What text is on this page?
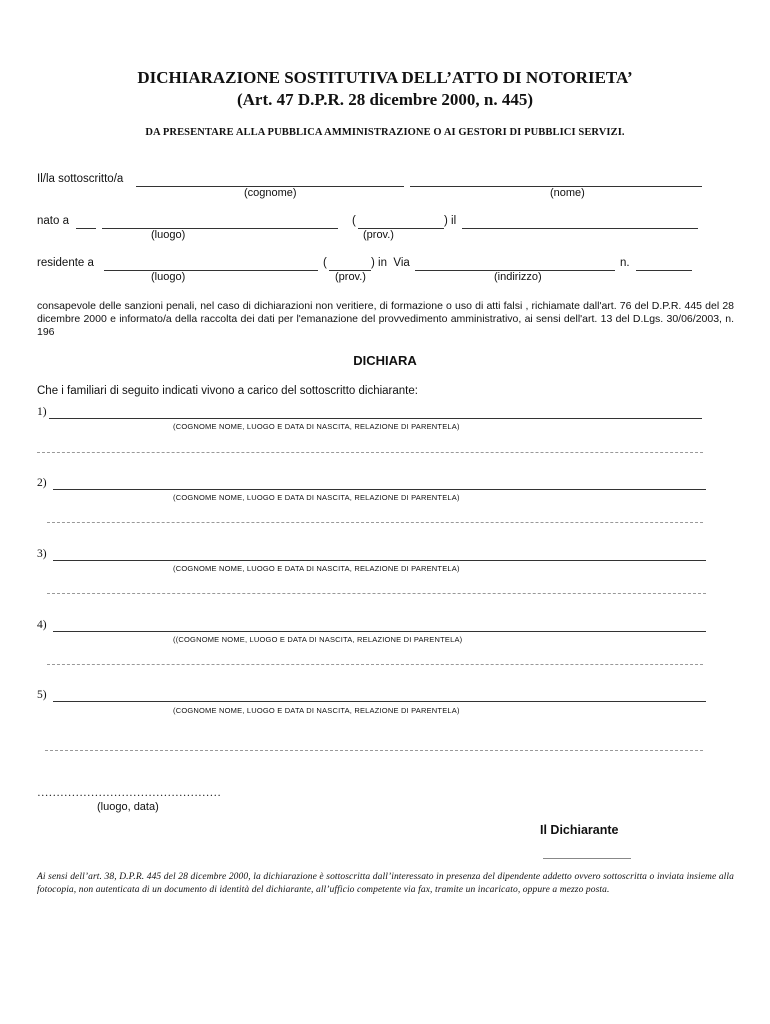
DICHIARAZIONE SOSTITUTIVA DELL’ATTO DI NOTORIETA’
(Art. 47 D.P.R. 28 dicembre 2000, n. 445)
DA PRESENTARE ALLA PUBBLICA AMMINISTRAZIONE O AI GESTORI DI PUBBLICI SERVIZI.
Il/la sottoscritto/a
(cognome)	(nome)
nato a	(	) il
(luogo)	(prov.)
residente a	(	) in  Via	n.
(luogo)	(prov.)	(indirizzo)
consapevole delle sanzioni penali, nel caso di dichiarazioni non veritiere, di formazione o uso di atti falsi , richiamate dall'art. 76 del D.P.R. 445 del 28 dicembre 2000 e informato/a della raccolta dei dati per l'emanazione del provvedimento amministrativo, ai sensi dell'art. 13 del D.Lgs. 30/06/2003, n. 196
DICHIARA
Che i familiari di seguito indicati vivono a carico del sottoscritto dichiarante:
1)
(COGNOME NOME, LUOGO E DATA DI NASCITA, RELAZIONE DI PARENTELA)
2)
(COGNOME NOME, LUOGO E DATA DI NASCITA, RELAZIONE DI PARENTELA)
3)
(COGNOME NOME, LUOGO E DATA DI NASCITA, RELAZIONE DI PARENTELA)
4)
((COGNOME NOME, LUOGO E DATA DI NASCITA, RELAZIONE DI PARENTELA)
5)
(COGNOME NOME, LUOGO E DATA DI NASCITA, RELAZIONE DI PARENTELA)
…………………………………………
(luogo, data)
Il Dichiarante
Ai sensi dell’art. 38, D.P.R. 445 del 28 dicembre 2000, la dichiarazione è sottoscritta dall’interessato in presenza del dipendente addetto ovvero sottoscritta o inviata insieme alla fotocopia, non autenticata di un documento di identità del dichiarante, all’ufficio competente via fax, tramite un incaricato, oppure a mezzo posta.
